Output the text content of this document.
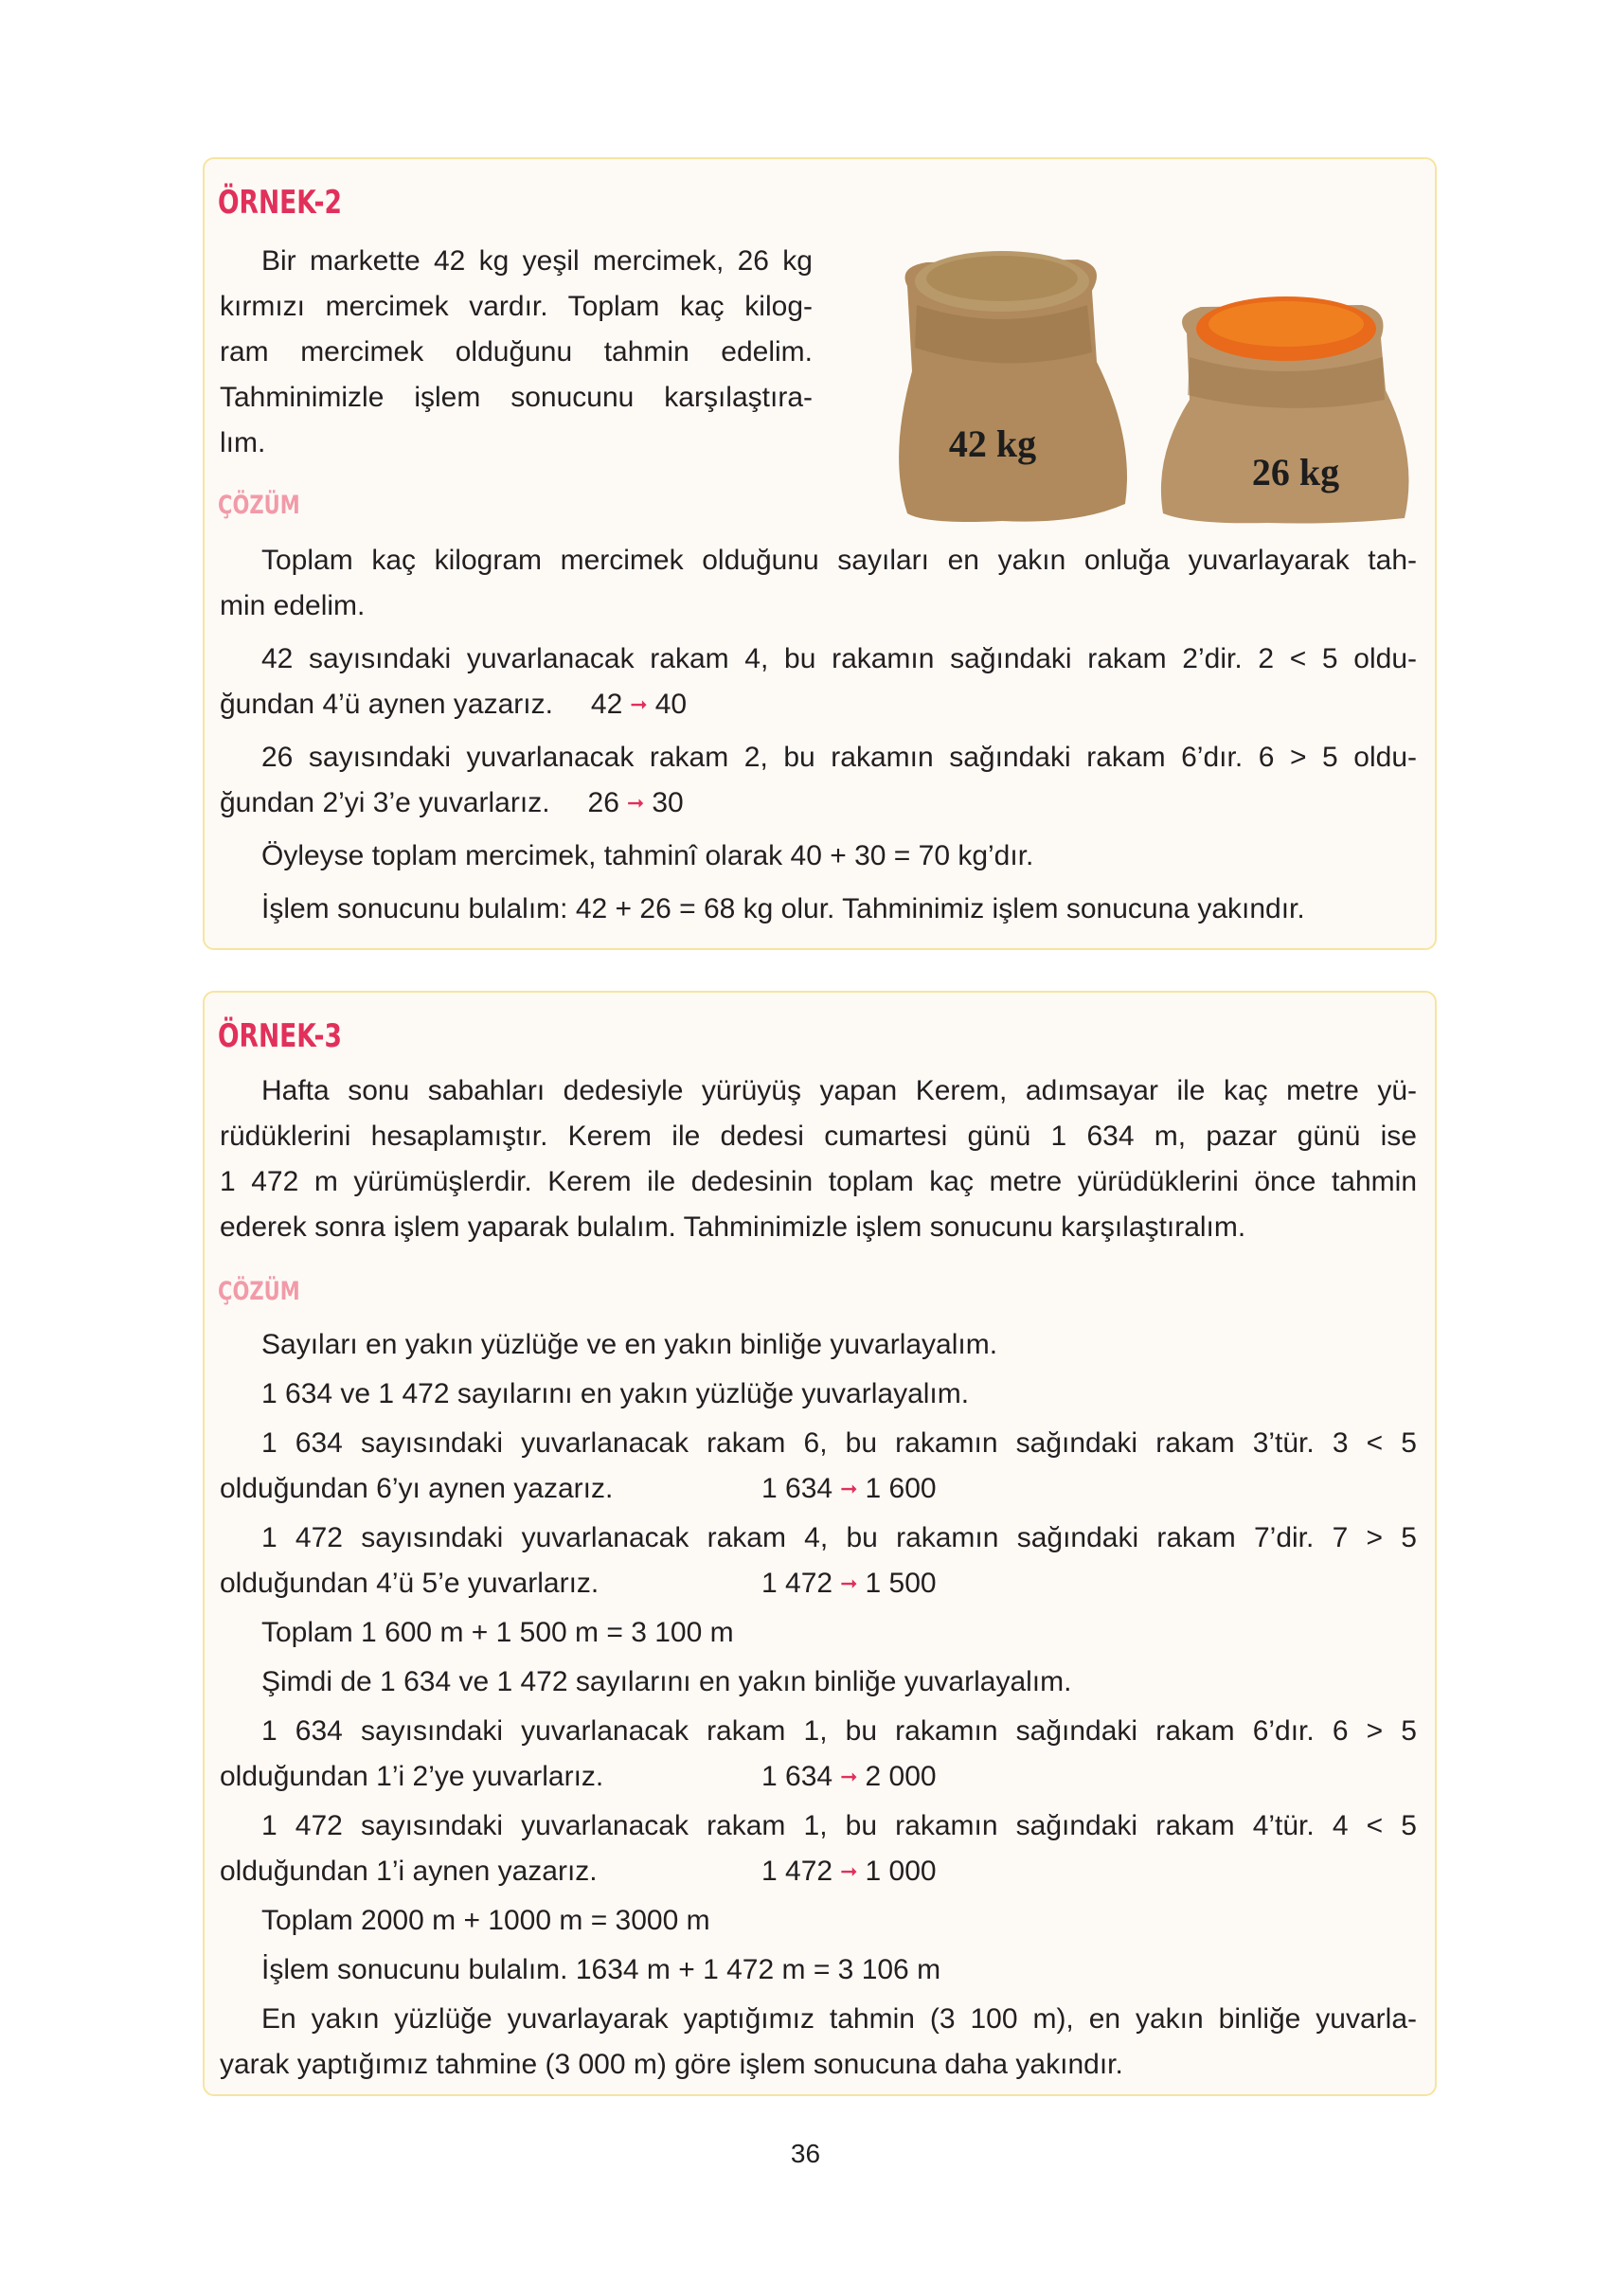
ÖRNEK-2
Bir markette 42 kg yeşil mercimek, 26 kg
kırmızı mercimek vardır. Toplam kaç kilog-
ram mercimek olduğunu tahmin edelim.
Tahminimizle işlem sonucunu karşılaştıra-
lım.	42 kg
26 kg
ÇÖZÜM
Toplam kaç kilogram mercimek olduğunu sayıları en yakın onluğa yuvarlayarak tah-
min edelim.
42 sayısındaki yuvarlanacak rakam 4, bu rakamın sağındaki rakam 2’dir. 2 < 5 oldu-
ğundan 4’ü aynen yazarız. 42 ➞ 40
26 sayısındaki yuvarlanacak rakam 2, bu rakamın sağındaki rakam 6’dır. 6 > 5 oldu-
ğundan 2’yi 3’e yuvarlarız. 26 ➞ 30
Öyleyse toplam mercimek, tahminî olarak 40 + 30 = 70 kg’dır.
İşlem sonucunu bulalım: 42 + 26 = 68 kg olur. Tahminimiz işlem sonucuna yakındır.
ÖRNEK-3
Hafta sonu sabahları dedesiyle yürüyüş yapan Kerem, adımsayar ile kaç metre yü-
rüdüklerini hesaplamıştır. Kerem ile dedesi cumartesi günü 1 634 m, pazar günü ise
1 472 m yürümüşlerdir. Kerem ile dedesinin toplam kaç metre yürüdüklerini önce tahmin
ederek sonra işlem yaparak bulalım. Tahminimizle işlem sonucunu karşılaştıralım.
ÇÖZÜM
Sayıları en yakın yüzlüğe ve en yakın binliğe yuvarlayalım.
1 634 ve 1 472 sayılarını en yakın yüzlüğe yuvarlayalım.
1 634 sayısındaki yuvarlanacak rakam 6, bu rakamın sağındaki rakam 3’tür. 3 < 5
olduğundan 6’yı aynen yazarız.	1 634 ➞ 1 600
1 472 sayısındaki yuvarlanacak rakam 4, bu rakamın sağındaki rakam 7’dir. 7 > 5
olduğundan 4’ü 5’e yuvarlarız.	1 472 ➞ 1 500
Toplam 1 600 m + 1 500 m = 3 100 m
Şimdi de 1 634 ve 1 472 sayılarını en yakın binliğe yuvarlayalım.
1 634 sayısındaki yuvarlanacak rakam 1, bu rakamın sağındaki rakam 6’dır. 6 > 5
olduğundan 1’i 2’ye yuvarlarız.	1 634 ➞ 2 000
1 472 sayısındaki yuvarlanacak rakam 1, bu rakamın sağındaki rakam 4’tür. 4 < 5
olduğundan 1’i aynen yazarız.	1 472 ➞ 1 000
Toplam 2000 m + 1000 m = 3000 m
İşlem sonucunu bulalım. 1634 m + 1 472 m = 3 106 m
En yakın yüzlüğe yuvarlayarak yaptığımız tahmin (3 100 m), en yakın binliğe yuvarla-
yarak yaptığımız tahmine (3 000 m) göre işlem sonucuna daha yakındır.
36
